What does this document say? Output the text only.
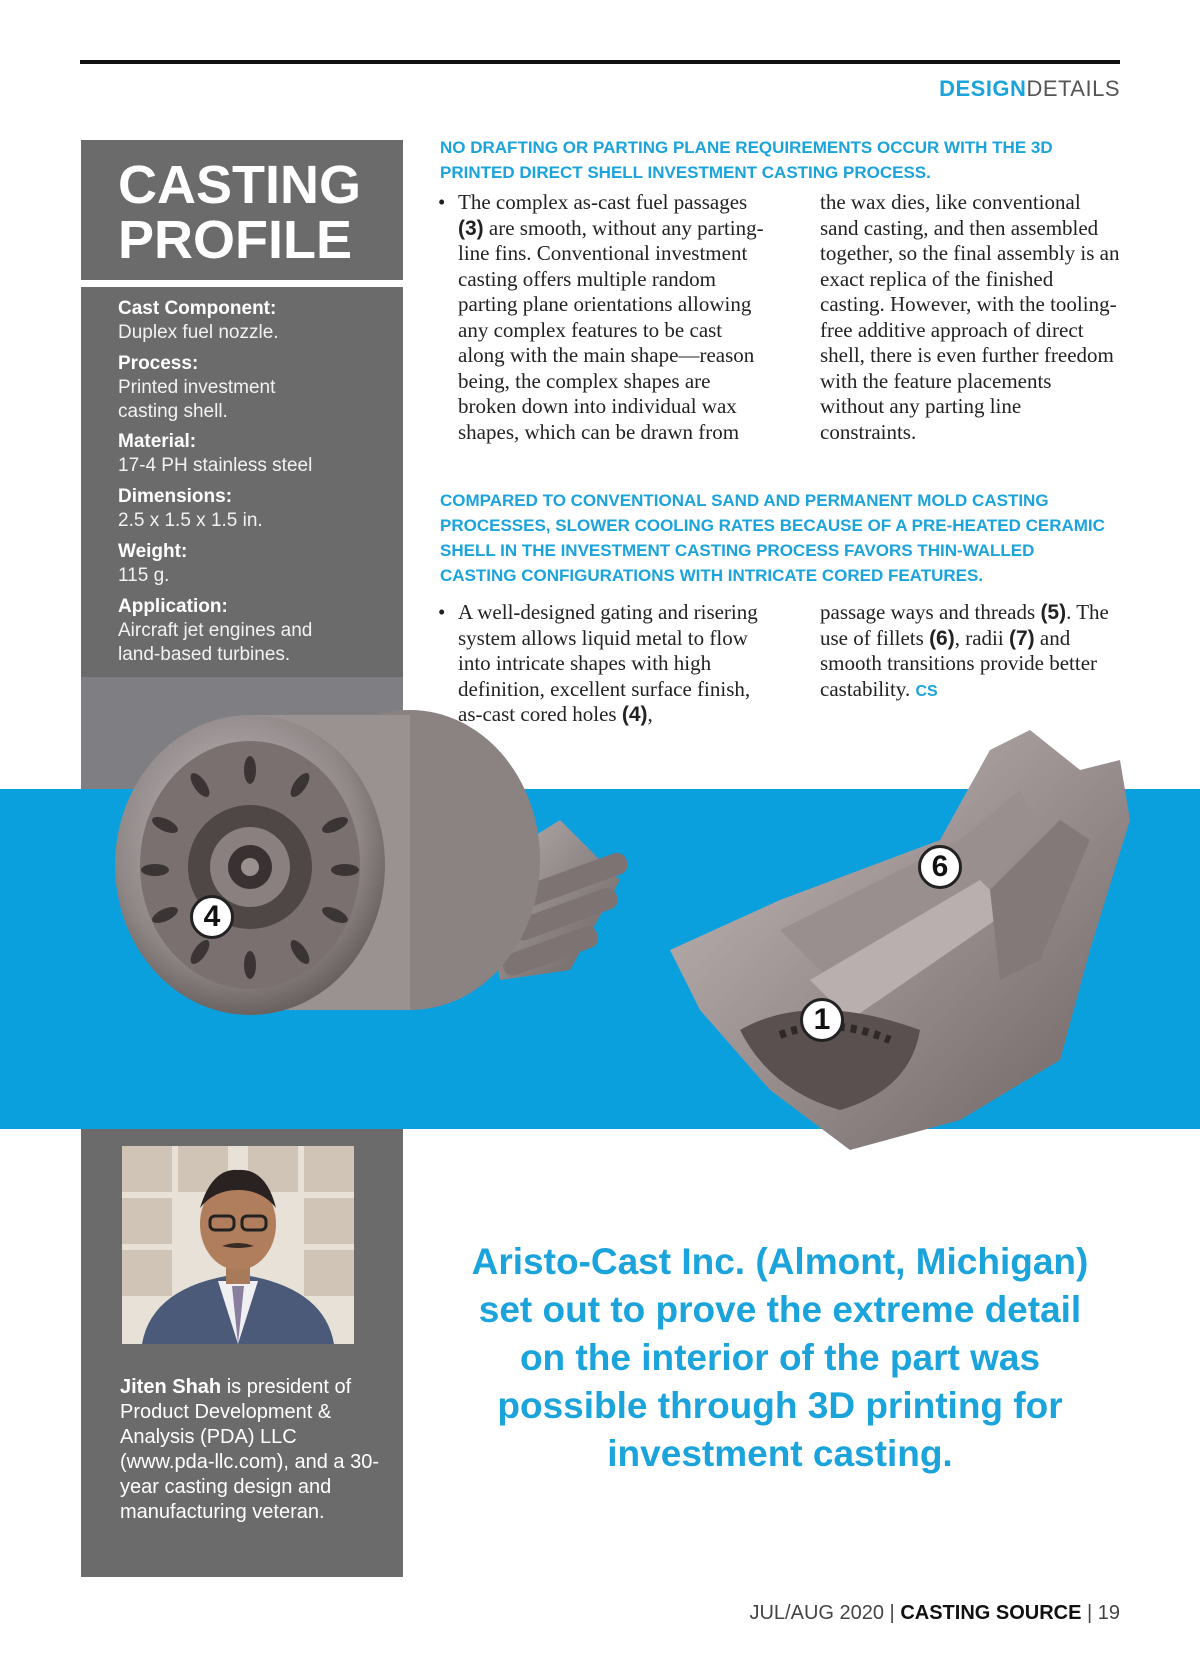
DESIGNDETAILS
CASTING
PROFILE
Cast Component:
Duplex fuel nozzle.
Process:
Printed investment casting shell.
Material:
17-4 PH stainless steel
Dimensions:
2.5 x 1.5 x 1.5 in.
Weight:
115 g.
Application:
Aircraft jet engines and land-based turbines.

NO DRAFTING OR PARTING PLANE REQUIREMENTS OCCUR WITH THE 3D PRINTED DIRECT SHELL INVESTMENT CASTING PROCESS.

• The complex as-cast fuel passages (3) are smooth, without any parting-line fins. Conventional investment casting offers multiple random parting plane orientations allowing any complex features to be cast along with the main shape—reason being, the complex shapes are broken down into individual wax shapes, which can be drawn from

the wax dies, like conventional sand casting, and then assembled together, so the final assembly is an exact replica of the finished casting. However, with the tooling-free additive approach of direct shell, there is even further freedom with the feature placements without any parting line constraints.

COMPARED TO CONVENTIONAL SAND AND PERMANENT MOLD CASTING PROCESSES, SLOWER COOLING RATES BECAUSE OF A PRE-HEATED CERAMIC SHELL IN THE INVESTMENT CASTING PROCESS FAVORS THIN-WALLED CASTING CONFIGURATIONS WITH INTRICATE CORED FEATURES.

• A well-designed gating and risering system allows liquid metal to flow into intricate shapes with high definition, excellent surface finish, as-cast cored holes (4),

passage ways and threads (5). The use of fillets (6), radii (7) and smooth transitions provide better castability. CS

4
6
1
Jiten Shah is president of Product Development & Analysis (PDA) LLC (www.pda-llc.com), and a 30-year casting design and manufacturing veteran.

Aristo-Cast Inc. (Almont, Michigan) set out to prove the extreme detail on the interior of the part was possible through 3D printing for investment casting.

JUL/AUG 2020 | CASTING SOURCE | 19
